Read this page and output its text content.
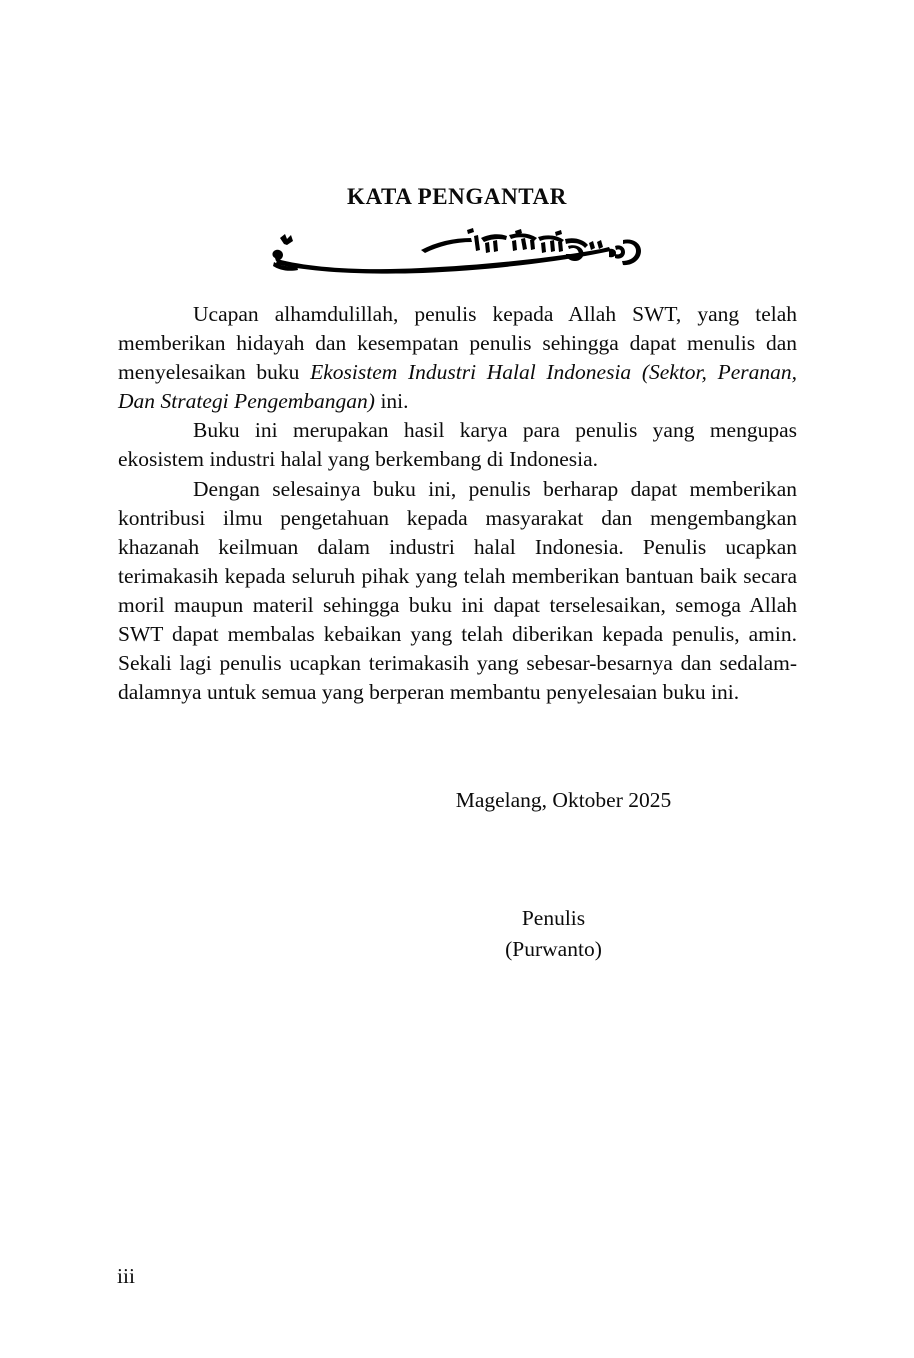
KATA PENGANTAR

Ucapan alhamdulillah, penulis kepada Allah SWT, yang telah memberikan hidayah dan kesempatan penulis sehingga dapat menulis dan menyelesaikan buku Ekosistem Industri Halal Indonesia (Sektor, Peranan, Dan Strategi Pengembangan) ini.

Buku ini merupakan hasil karya para penulis yang mengupas ekosistem industri halal yang berkembang di Indonesia.

Dengan selesainya buku ini, penulis berharap dapat memberikan kontribusi ilmu pengetahuan kepada masyarakat dan mengembangkan khazanah keilmuan dalam industri halal Indonesia. Penulis ucapkan terimakasih kepada seluruh pihak yang telah memberikan bantuan baik secara moril maupun materil sehingga buku ini dapat terselesaikan, semoga Allah SWT dapat membalas kebaikan yang telah diberikan kepada penulis, amin. Sekali lagi penulis ucapkan terimakasih yang sebesar-besarnya dan sedalam-dalamnya untuk semua yang berperan membantu penyelesaian buku ini.

Magelang, Oktober 2025
Penulis
(Purwanto)
iii
